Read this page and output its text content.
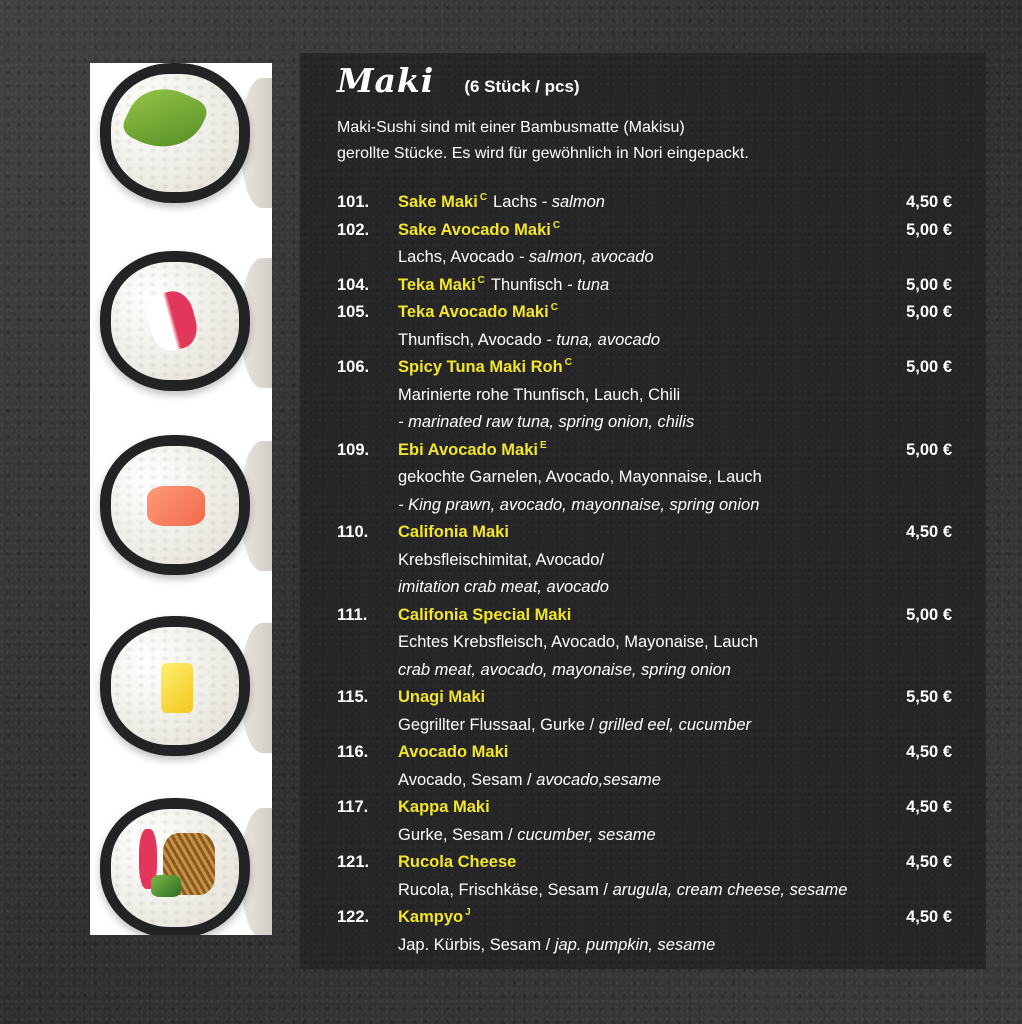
Maki (6 Stück / pcs)
Maki-Sushi sind mit einer Bambusmatte (Makisu)
gerollte Stücke. Es wird für gewöhnlich in Nori eingepackt.
101. Sake Maki $^C$ Lachs - salmon	4,50 €
102. Sake Avocado Maki $^C$	5,00 €
Lachs, Avocado - salmon, avocado
104. Teka Maki $^C$ Thunfisch - tuna	5,00 €
105. Teka Avocado Maki $^C$	5,00 €
Thunfisch, Avocado - tuna, avocado
106. Spicy Tuna Maki Roh $^C$	5,00 €
Marinierte rohe Thunfisch, Lauch, Chili
- marinated raw tuna, spring onion, chilis
109. Ebi Avocado Maki $^E$	5,00 €
gekochte Garnelen, Avocado, Mayonnaise, Lauch
- King prawn, avocado, mayonnaise, spring onion
110. Califonia Maki	4,50 €
Krebsfleischimitat, Avocado/
imitation crab meat, avocado
111. Califonia Special Maki	5,00 €
Echtes Krebsfleisch, Avocado, Mayonaise, Lauch
crab meat, avocado, mayonaise, spring onion
115. Unagi Maki	5,50 €
Gegrillter Flussaal, Gurke / grilled eel, cucumber
116. Avocado Maki	4,50 €
Avocado, Sesam / avocado,sesame
117. Kappa Maki	4,50 €
Gurke, Sesam / cucumber, sesame
121. Rucola Cheese	4,50 €
Rucola, Frischkäse, Sesam / arugula, cream cheese, sesame
122. Kampyo $^J$	4,50 €
Jap. Kürbis, Sesam / jap. pumpkin, sesame
